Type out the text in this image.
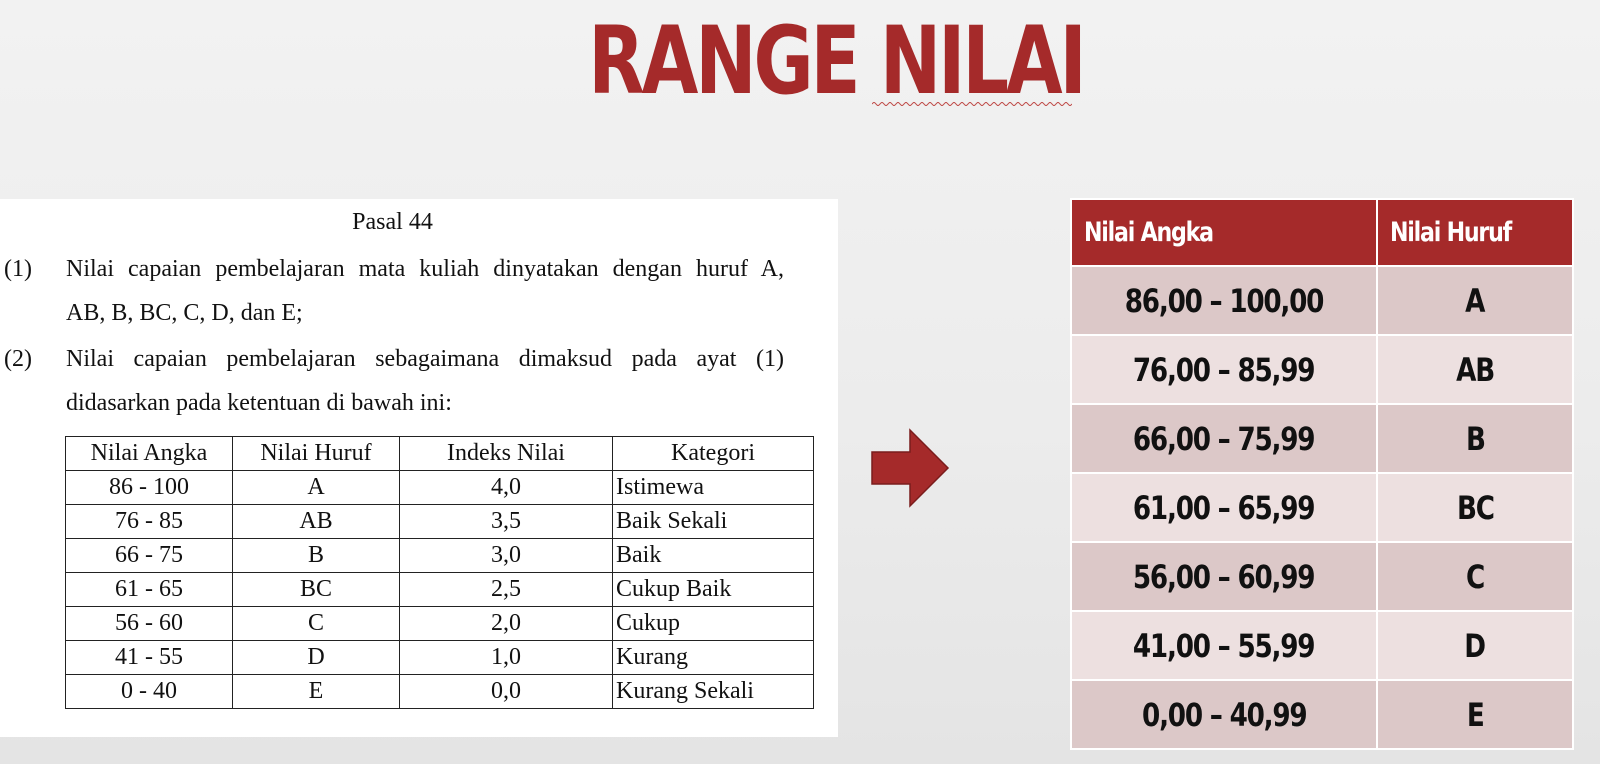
RANGE NILAI
Pasal 44
(1) Nilai capaian pembelajaran mata kuliah dinyatakan dengan huruf A,
AB, B, BC, C, D, dan E;
(2) Nilai capaian pembelajaran sebagaimana dimaksud pada ayat (1)
didasarkan pada ketentuan di bawah ini:
Nilai Angka	Nilai Huruf	Indeks Nilai	Kategori
86 - 100	A	4,0	Istimewa
76 - 85	AB	3,5	Baik Sekali
66 - 75	B	3,0	Baik
61 - 65	BC	2,5	Cukup Baik
56 - 60	C	2,0	Cukup
41 - 55	D	1,0	Kurang
0 - 40	E	0,0	Kurang Sekali
Nilai Angka	Nilai Huruf
86,00 – 100,00	A
76,00 – 85,99	AB
66,00 – 75,99	B
61,00 – 65,99	BC
56,00 – 60,99	C
41,00 – 55,99	D
0,00 – 40,99	E
